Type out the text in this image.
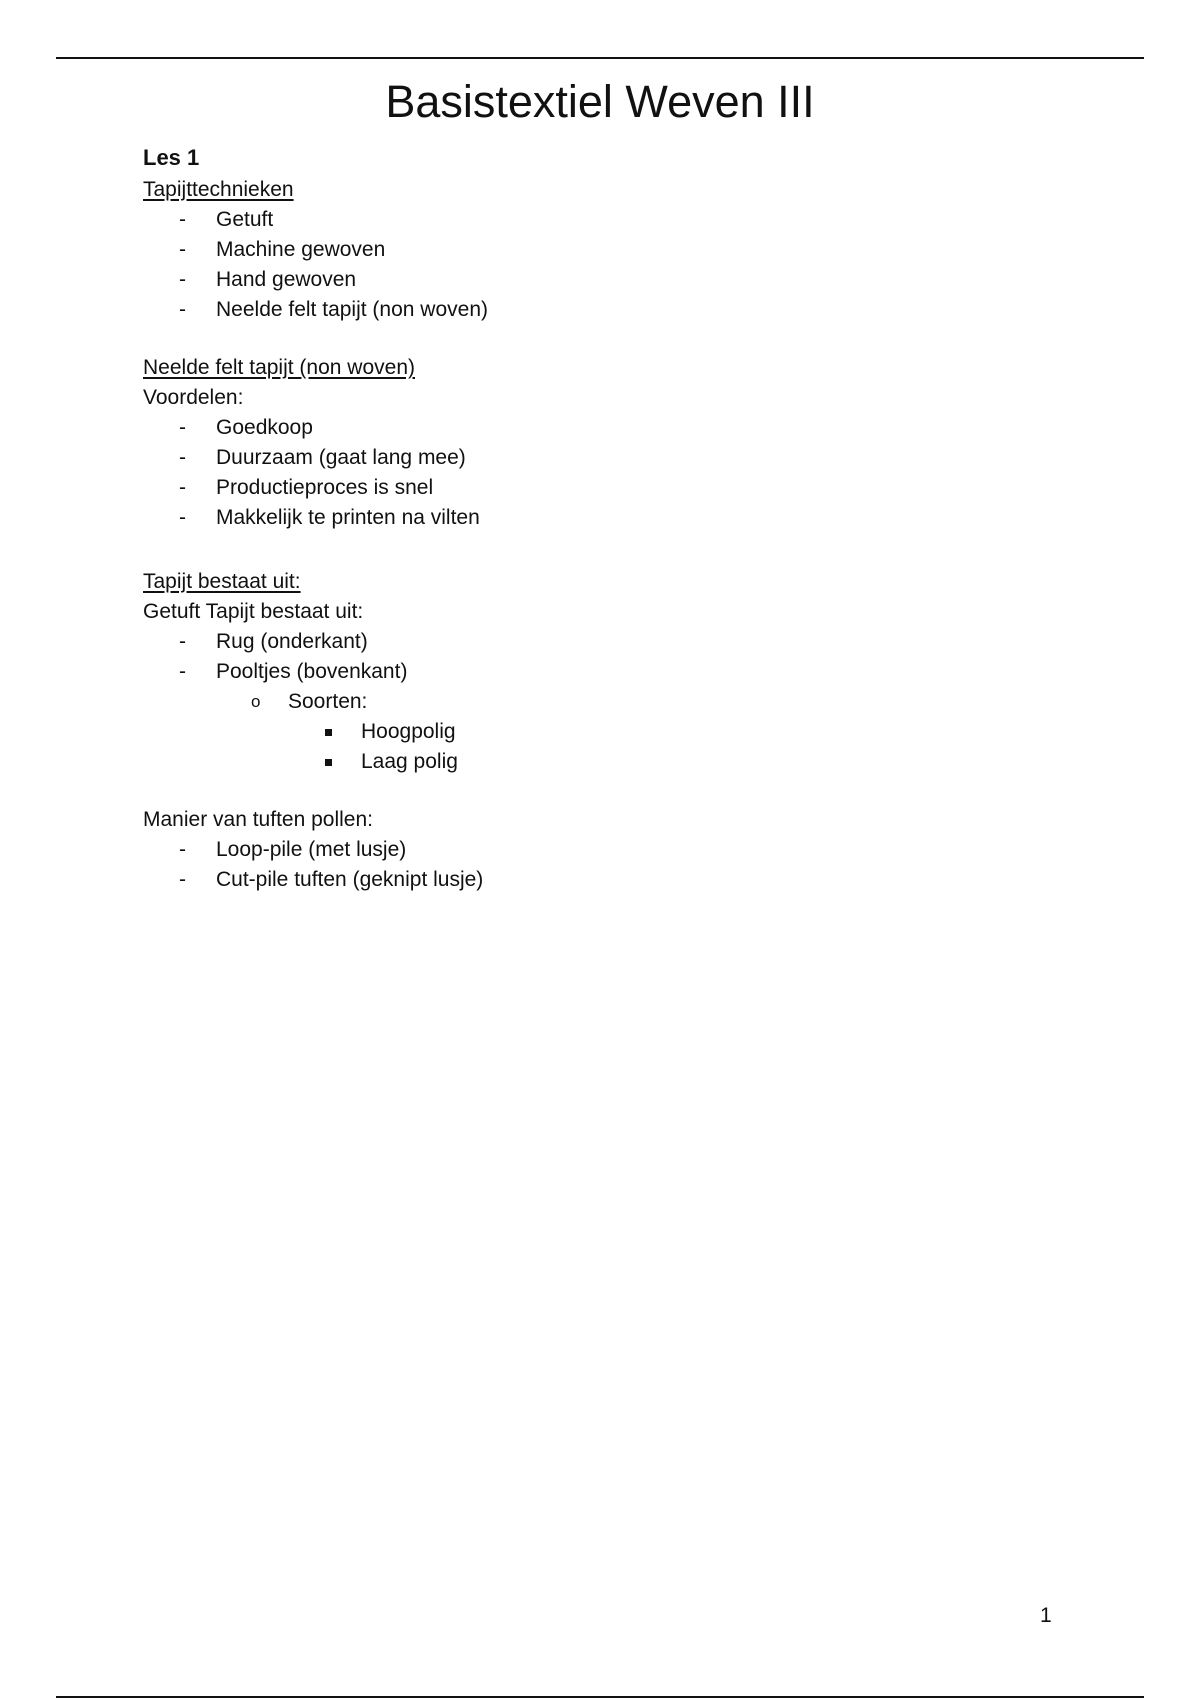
Basistextiel Weven III
Les 1
Tapijttechnieken
- Getuft
- Machine gewoven
- Hand gewoven
- Neelde felt tapijt (non woven)
Neelde felt tapijt (non woven)
Voordelen:
- Goedkoop
- Duurzaam (gaat lang mee)
- Productieproces is snel
- Makkelijk te printen na vilten
Tapijt bestaat uit:
Getuft Tapijt bestaat uit:
- Rug (onderkant)
- Pooltjes (bovenkant)
o Soorten:
Hoogpolig
Laag polig
Manier van tuften pollen:
- Loop-pile (met lusje)
- Cut-pile tuften (geknipt lusje)
1
